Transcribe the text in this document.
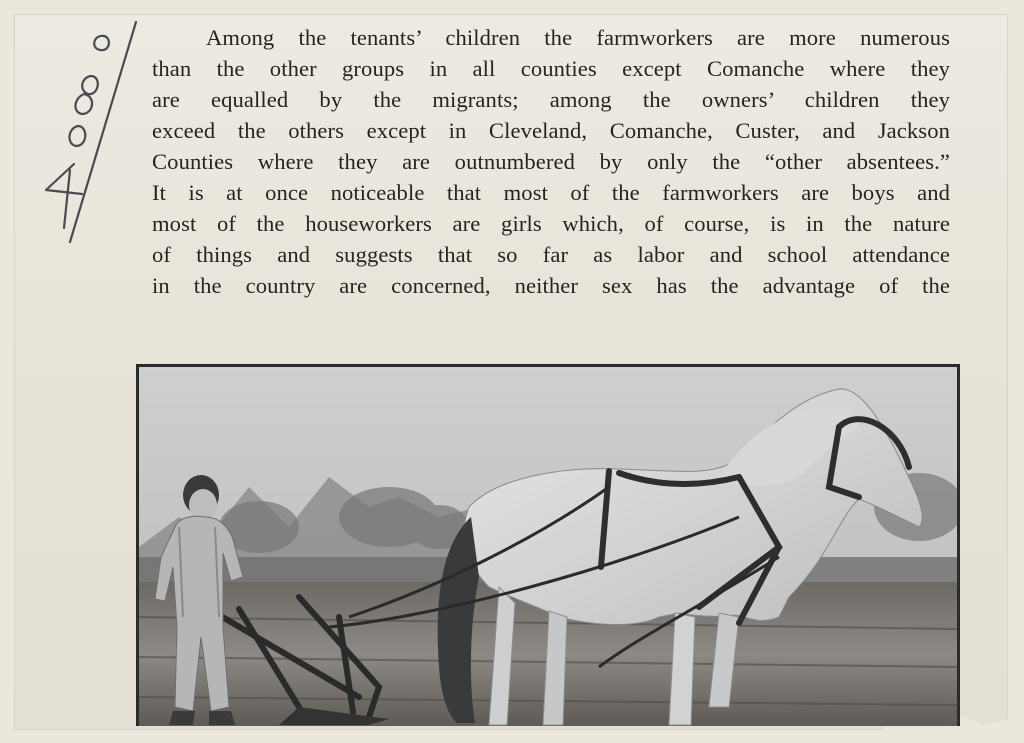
Among the tenants’ children the farmworkers are more numerous
than the other groups in all counties except Comanche where they
are equalled by the migrants; among the owners’ children they
exceed the others except in Cleveland, Comanche, Custer, and Jackson
Counties where they are outnumbered by only the “other absentees.”
It is at once noticeable that most of the farmworkers are boys and
most of the houseworkers are girls which, of course, is in the nature
of things and suggests that so far as labor and school attendance
in the country are concerned, neither sex has the advantage of the
